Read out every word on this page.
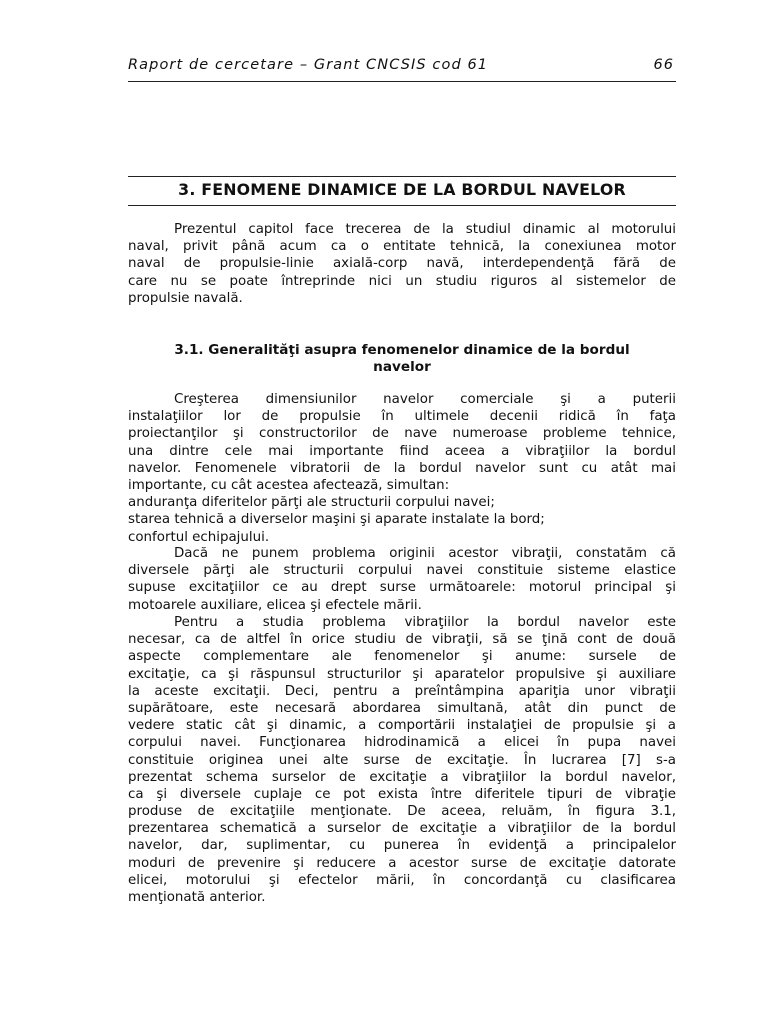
Raport de cercetare – Grant CNCSIS cod 61	66
3. FENOMENE DINAMICE DE LA BORDUL NAVELOR
Prezentul capitol face trecerea de la studiul dinamic al motorului
naval, privit până acum ca o entitate tehnică, la conexiunea motor
naval de propulsie-linie axială-corp navă, interdependenţă fără de
care nu se poate întreprinde nici un studiu riguros al sistemelor de
propulsie navală.
3.1. Generalităţi asupra fenomenelor dinamice de la bordul
navelor
Creşterea dimensiunilor navelor comerciale şi a puterii
instalaţiilor lor de propulsie în ultimele decenii ridică în faţa
proiectanţilor şi constructorilor de nave numeroase probleme tehnice,
una dintre cele mai importante fiind aceea a vibraţiilor la bordul
navelor. Fenomenele vibratorii de la bordul navelor sunt cu atât mai
importante, cu cât acestea afectează, simultan:
anduranţa diferitelor părţi ale structurii corpului navei;
starea tehnică a diverselor maşini şi aparate instalate la bord;
confortul echipajului.
Dacă ne punem problema originii acestor vibraţii, constatăm că
diversele părţi ale structurii corpului navei constituie sisteme elastice
supuse excitaţiilor ce au drept surse următoarele: motorul principal şi
motoarele auxiliare, elicea şi efectele mării.
Pentru a studia problema vibraţiilor la bordul navelor este
necesar, ca de altfel în orice studiu de vibraţii, să se ţină cont de două
aspecte complementare ale fenomenelor şi anume: sursele de
excitaţie, ca şi răspunsul structurilor şi aparatelor propulsive şi auxiliare
la aceste excitaţii. Deci, pentru a preîntâmpina apariţia unor vibraţii
supărătoare, este necesară abordarea simultană, atât din punct de
vedere static cât şi dinamic, a comportării instalaţiei de propulsie şi a
corpului navei. Funcţionarea hidrodinamică a elicei în pupa navei
constituie originea unei alte surse de excitaţie. În lucrarea [7] s-a
prezentat schema surselor de excitaţie a vibraţiilor la bordul navelor,
ca şi diversele cuplaje ce pot exista între diferitele tipuri de vibraţie
produse de excitaţiile menţionate. De aceea, reluăm, în figura 3.1,
prezentarea schematică a surselor de excitaţie a vibraţiilor de la bordul
navelor, dar, suplimentar, cu punerea în evidenţă a principalelor
moduri de prevenire şi reducere a acestor surse de excitaţie datorate
elicei, motorului şi efectelor mării, în concordanţă cu clasificarea
menţionată anterior.
